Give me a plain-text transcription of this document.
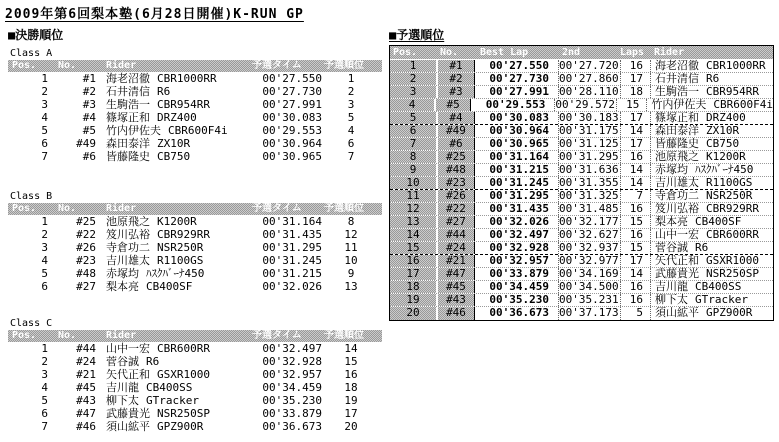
2009年第6回梨本塾(6月28日開催)K-RUN GP
■決勝順位
Class A
Pos.	No.	Rider	予選タイム	予選順位
1	#1 海老沼徹 CBR1000RR	00'27.550	1
2	#2 石井清信 R6	00'27.730	2
3	#3 生駒浩一 CBR954RR	00'27.991	3
4	#4 篠塚正和 DRZ400	00'30.083	5
5	#5 竹内伊佐夫 CBR600F4i	00'29.553	4
6	#49 森田泰洋 ZX10R	00'30.964	6
7	#6 皆藤隆史 CB750	00'30.965	7
Class B
Pos.	No.	Rider	予選タイム	予選順位
1	#25 池原飛之 K1200R	00'31.164	8
2	#22 笈川弘裕 CBR929RR	00'31.435	12
3	#26 寺倉功二 NSR250R	00'31.295	11
4	#23 吉川雄太 R1100GS	00'31.245	10
5	#48 赤塚均 ﾊｽｸﾊﾞｰﾅ450	00'31.215	9
6	#27 梨本亮 CB400SF	00'32.026	13
Class C
Pos.	No.	Rider	予選タイム	予選順位
1	#44 山中一宏 CBR600RR	00'32.497	14
2	#24 菅谷誠 R6	00'32.928	15
3	#21 矢代正和 GSXR1000	00'32.957	16
4	#45 吉川龍 CB400SS	00'34.459	18
5	#43 柳下太 GTracker	00'35.230	19
6	#47 武藤貴光 NSR250SP	00'33.879	17
7	#46 須山絋平 GPZ900R	00'36.673	20
■予選順位
Pos.	No.	Best Lap	2nd	Laps Rider
1	#1	00'27.550 00'27.720	16	海老沼徹 CBR1000RR
2	#2	00'27.730 00'27.860	17	石井清信 R6
3	#3	00'27.991 00'28.110	18	生駒浩一 CBR954RR
4	#5	00'29.553 00'29.572	15	竹内伊佐夫 CBR600F4i
5	#4	00'30.083 00'30.183	17	篠塚正和 DRZ400
6	#49	00'30.964 00'31.175	14	森田泰洋 ZX10R
7	#6	00'30.965 00'31.125	17	皆藤隆史 CB750
8	#25	00'31.164 00'31.295	16	池原飛之 K1200R
9	#48	00'31.215 00'31.636	14	赤塚均 ﾊｽｸﾊﾞｰﾅ450
10	#23	00'31.245 00'31.355	14	吉川雄太 R1100GS
11	#26	00'31.295 00'31.325	7	寺倉功二 NSR250R
12	#22	00'31.435 00'31.485	16	笈川弘裕 CBR929RR
13	#27	00'32.026 00'32.177	15	梨本亮 CB400SF
14	#44	00'32.497 00'32.627	16	山中一宏 CBR600RR
15	#24	00'32.928 00'32.937	15	菅谷誠 R6
16	#21	00'32.957 00'32.977	17	矢代正和 GSXR1000
17	#47	00'33.879 00'34.169	14	武藤貴光 NSR250SP
18	#45	00'34.459 00'34.500	16	吉川龍 CB400SS
19	#43	00'35.230 00'35.231	16	柳下太 GTracker
20	#46	00'36.673 00'37.173	5	須山絋平 GPZ900R
